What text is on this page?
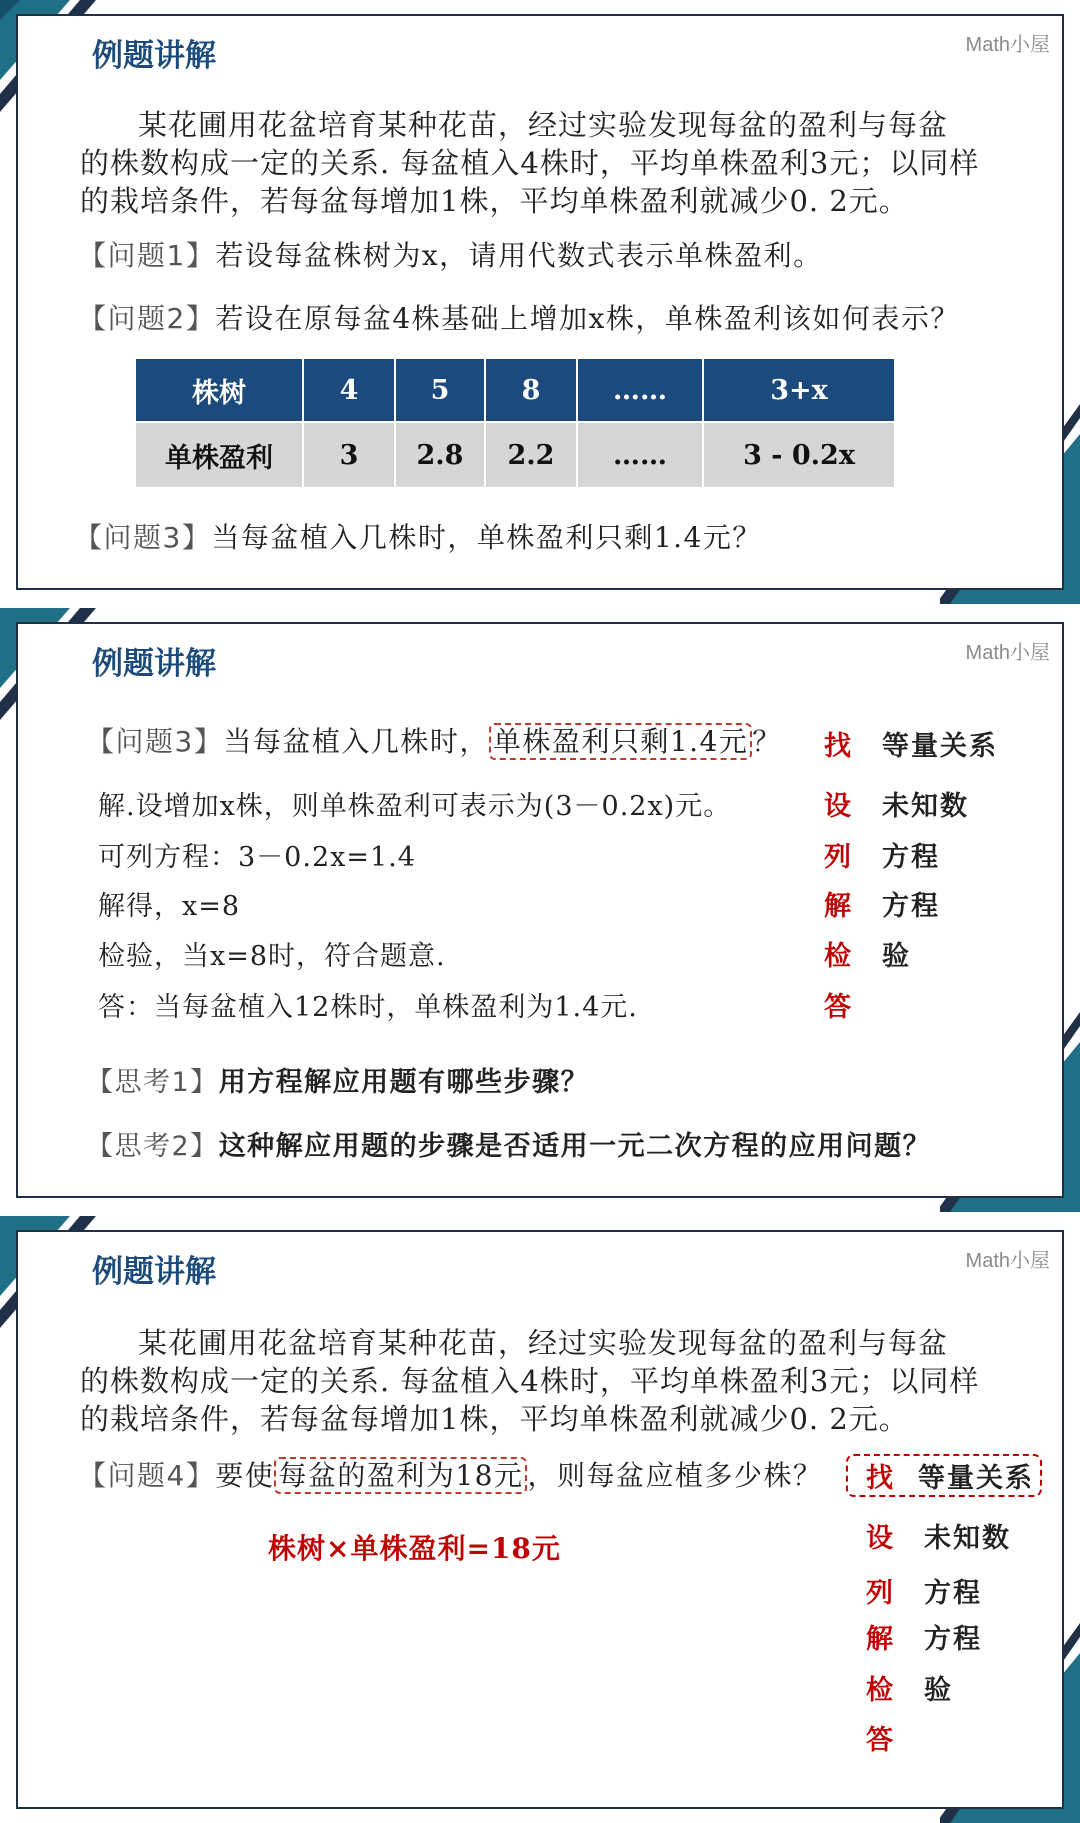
例题讲解	Math小屋
某花圃用花盆培育某种花苗，经过实验发现每盆的盈利与每盆
的株数构成一定的关系. 每盆植入4株时，平均单株盈利3元；以同样
的栽培条件，若每盆每增加1株，平均单株盈利就减少0. 2元。
【问题1】若设每盆株树为x，请用代数式表示单株盈利。
【问题2】若设在原每盆4株基础上增加x株，单株盈利该如何表示？
株树	4	5	8	……	3+x
单株盈利	3	2.8	2.2	……	3 - 0.2x
【问题3】当每盆植入几株时，单株盈利只剩1.4元？
例题讲解	Math小屋
【问题3】当每盆植入几株时， 单株盈利只剩1.4元 ？
解.设增加x株，则单株盈利可表示为(3－0.2x)元。
可列方程：3－0.2x=1.4
解得，x=8
检验，当x=8时，符合题意.
答：当每盆植入12株时，单株盈利为1.4元.
找 等量关系
设 未知数
列 方程
解 方程
检 验
答
【思考1】用方程解应用题有哪些步骤？
【思考2】这种解应用题的步骤是否适用一元二次方程的应用问题？
例题讲解	Math小屋
某花圃用花盆培育某种花苗，经过实验发现每盆的盈利与每盆
的株数构成一定的关系. 每盆植入4株时，平均单株盈利3元；以同样
的栽培条件，若每盆每增加1株，平均单株盈利就减少0. 2元。
【问题4】要使 每盆的盈利为18元 ，则每盆应植多少株？	找 等量关系
株树×单株盈利=18元	设 未知数
列 方程
解 方程
检 验
答
